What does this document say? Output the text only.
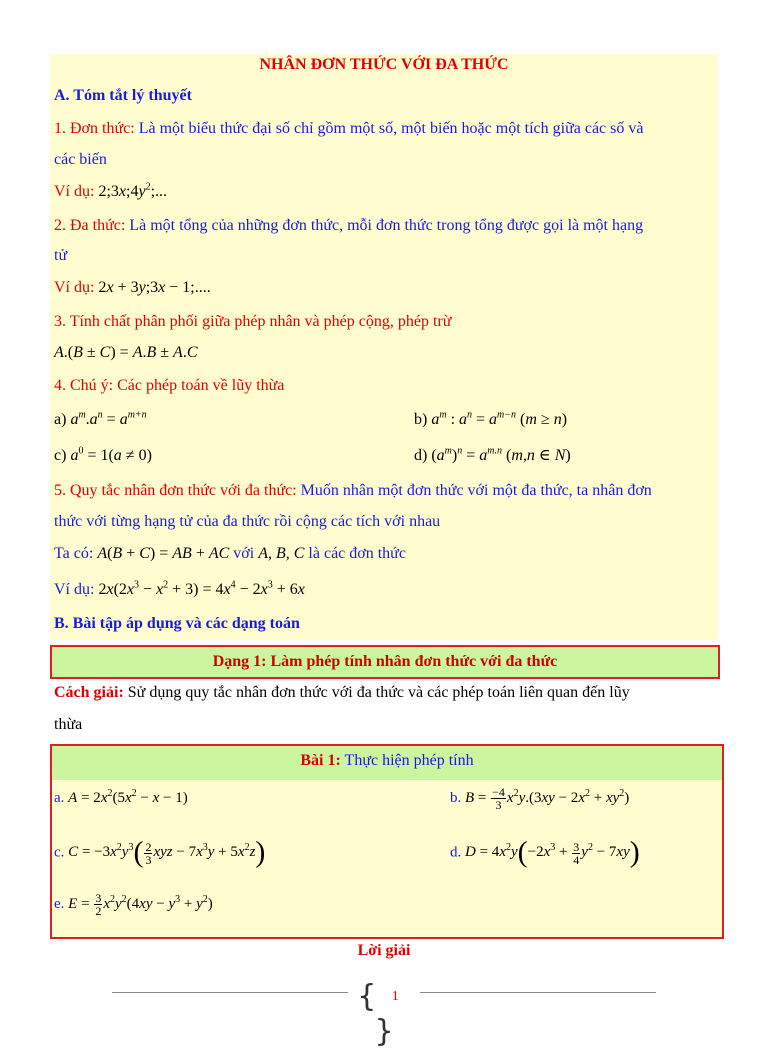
NHÂN ĐƠN THỨC VỚI ĐA THỨC
A. Tóm tắt lý thuyết
1. Đơn thức: Là một biểu thức đại số chỉ gồm một số, một biến hoặc một tích giữa các số và
các biến
Ví dụ: $2;3x;4y^2$;...
2. Đa thức: Là một tổng của những đơn thức, mỗi đơn thức trong tổng được gọi là một hạng
tử
Ví dụ: 2x + 3y;3x − 1;....
3. Tính chất phân phối giữa phép nhân và phép cộng, phép trừ
A.(B ± C) = A.B ± A.C
4. Chú ý: Các phép toán về lũy thừa
a) $a^m.a^n = a^{m+n}$	b) $a^m$ : $a^n = a^{m-n}$ (m ≥ n)
c) $a^0 = 1(a \ne 0)$	d) $(a^m)^n = a^{m.n}$ (m,n ∈ N)
5. Quy tắc nhân đơn thức với đa thức: Muốn nhân một đơn thức với một đa thức, ta nhân đơn
thức với từng hạng tử của đa thức rồi cộng các tích với nhau
Ta có: A(B + C) = AB + AC với A, B, C là các đơn thức
Ví dụ: $2x(2x^3 - x^2 + 3) = 4x^4 - 2x^3 + 6x$
B. Bài tập áp dụng và các dạng toán
Dạng 1: Làm phép tính nhân đơn thức với đa thức
Cách giải: Sử dụng quy tắc nhân đơn thức với đa thức và các phép toán liên quan đến lũy
thừa
Bài 1: Thực hiện phép tính
a. $A = 2x^2(5x^2 - x - 1)$	b. $B = \frac{-4}{3} x^2y.(3xy - 2x^2 + xy^2)$
c. $C = -3x^2y^3( \frac{2}{3}$ xyz − $7x^3y + 5x^2z$)	d. $D = 4x^2y(-2x^3 + \frac{3}{4} y^2 - 7xy)$
e. $E = \frac{3}{2} x^2y^2(4xy - y^3 + y^2)$
Lời giải
{ 1 }
